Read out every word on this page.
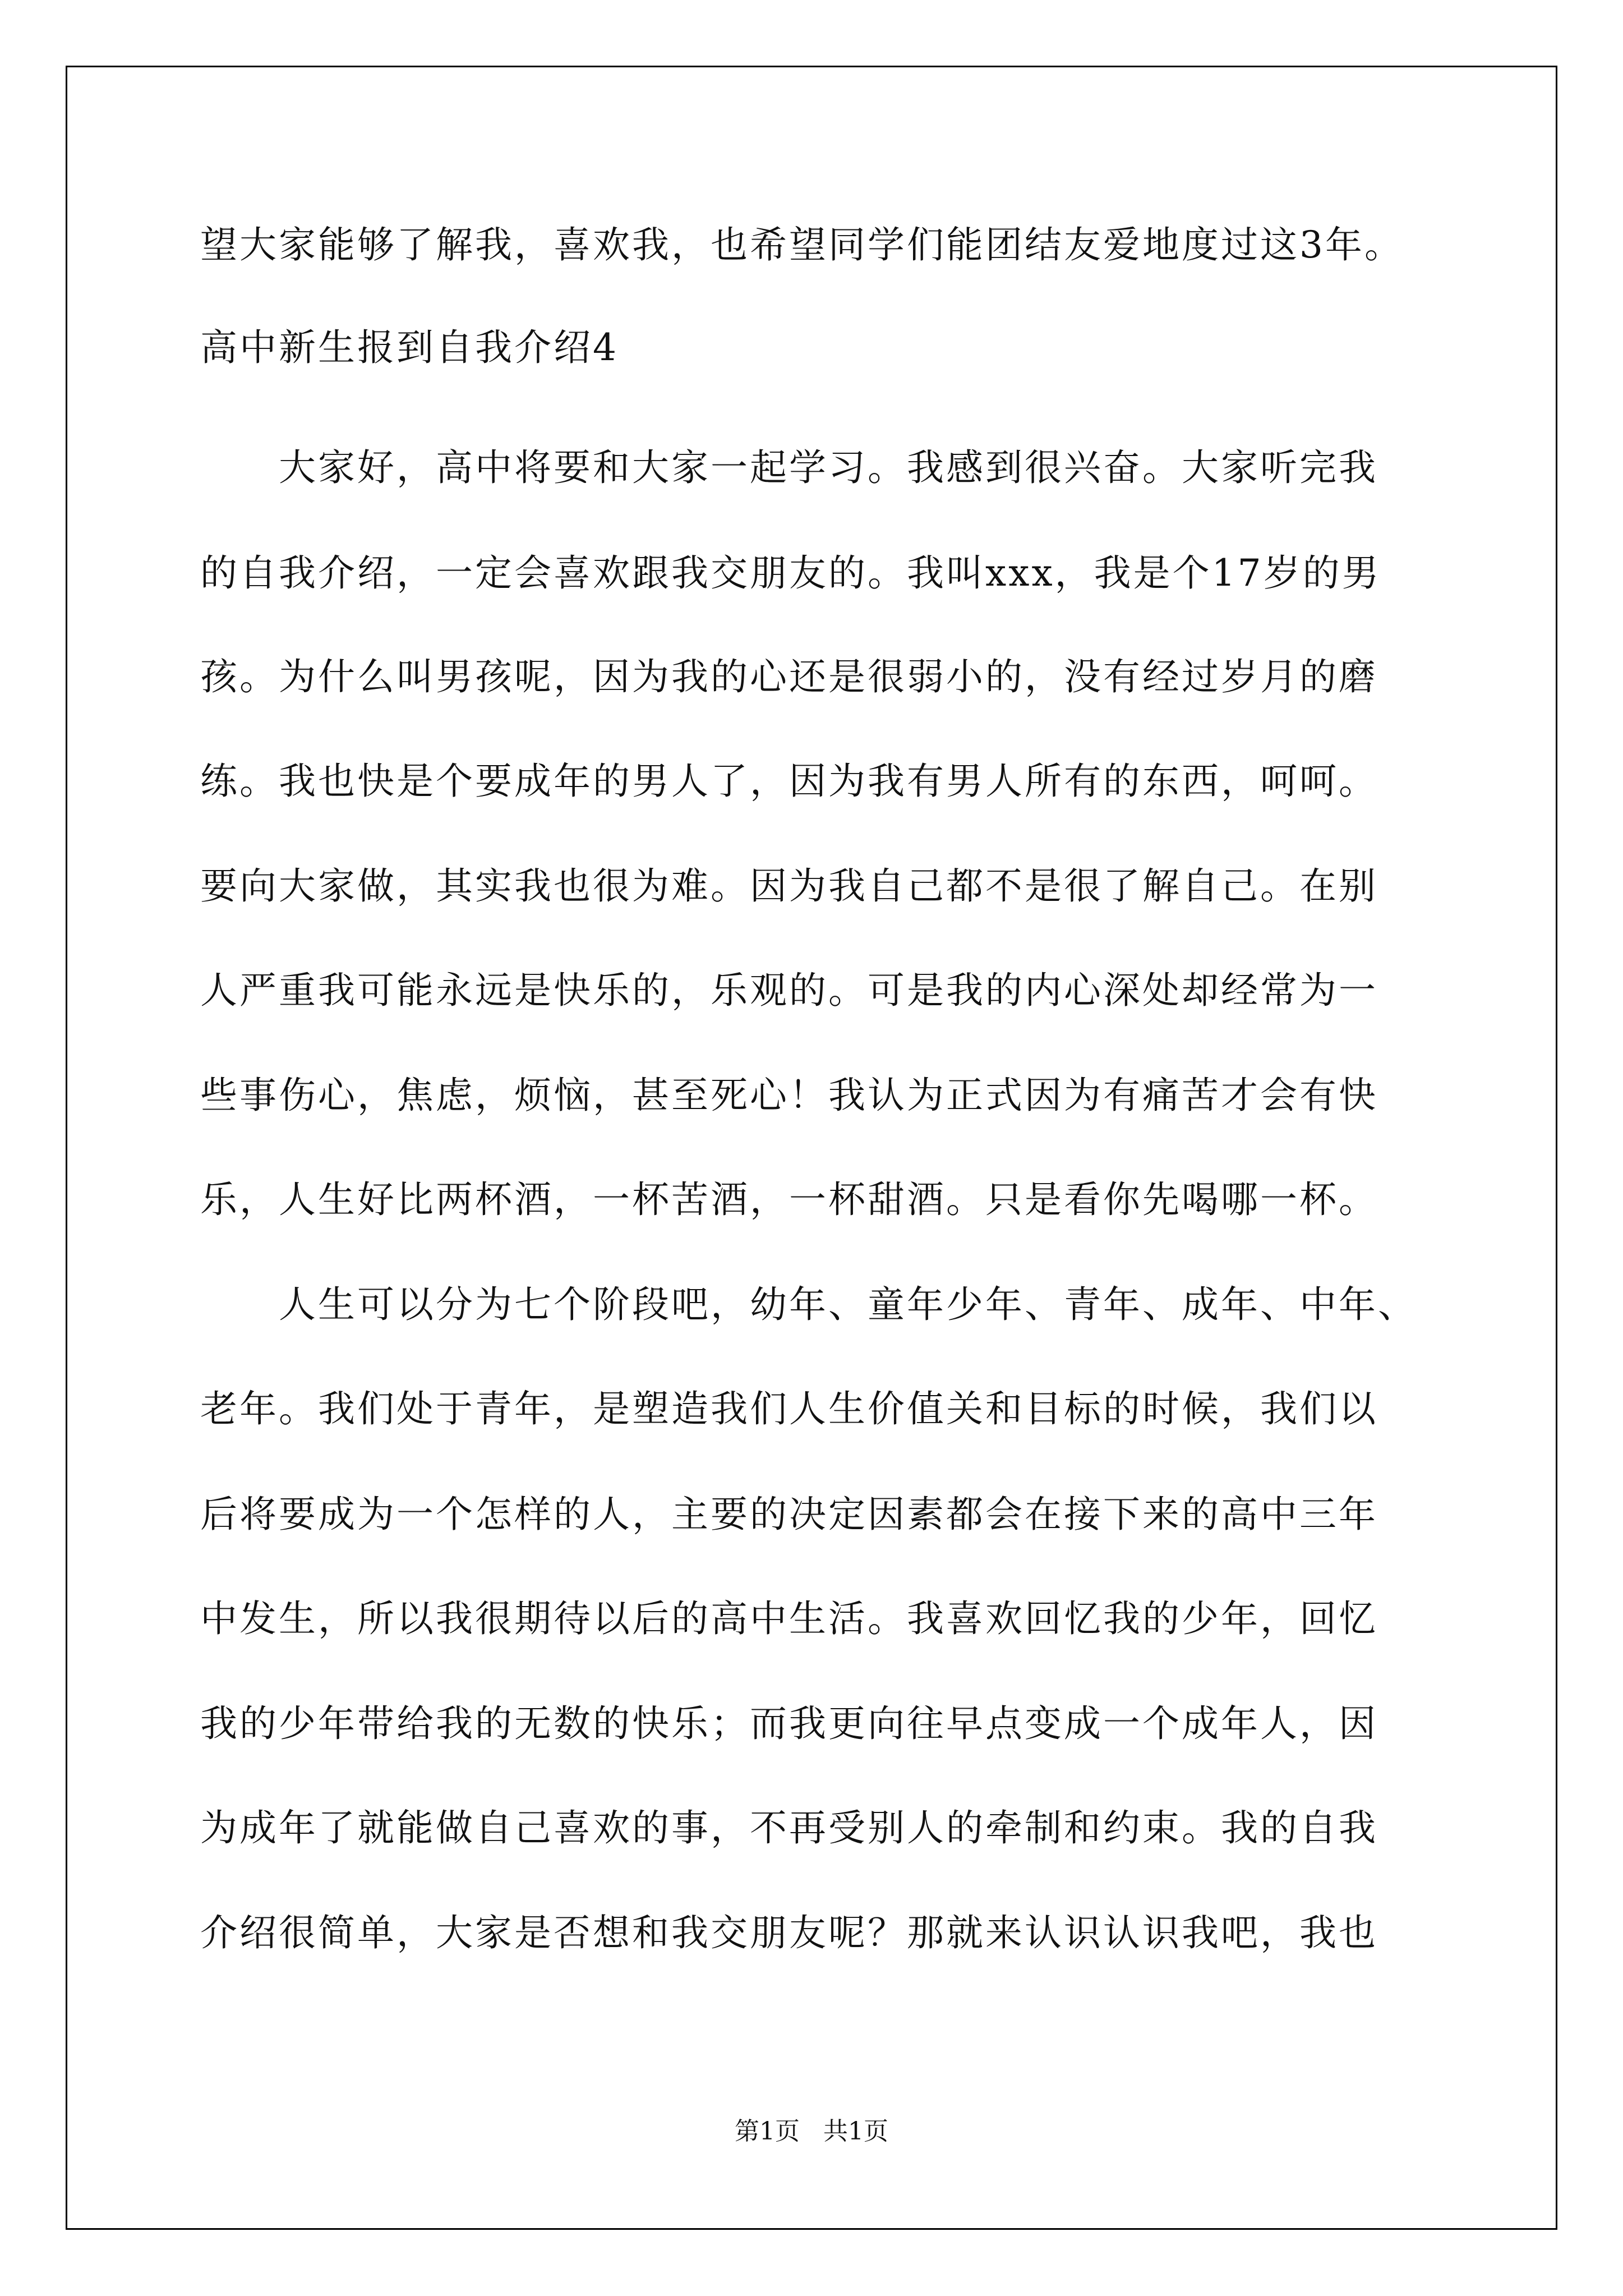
望大家能够了解我，喜欢我，也希望同学们能团结友爱地度过这3年。
高中新生报到自我介绍4
大家好，高中将要和大家一起学习。我感到很兴奋。大家听完我
的自我介绍，一定会喜欢跟我交朋友的。我叫xxx，我是个17岁的男
孩。为什么叫男孩呢，因为我的心还是很弱小的，没有经过岁月的磨
练。我也快是个要成年的男人了，因为我有男人所有的东西，呵呵。
要向大家做，其实我也很为难。因为我自己都不是很了解自己。在别
人严重我可能永远是快乐的，乐观的。可是我的内心深处却经常为一
些事伤心，焦虑，烦恼，甚至死心！我认为正式因为有痛苦才会有快
乐，人生好比两杯酒，一杯苦酒，一杯甜酒。只是看你先喝哪一杯。
人生可以分为七个阶段吧，幼年、童年少年、青年、成年、中年、
老年。我们处于青年，是塑造我们人生价值关和目标的时候，我们以
后将要成为一个怎样的人，主要的决定因素都会在接下来的高中三年
中发生，所以我很期待以后的高中生活。我喜欢回忆我的少年，回忆
我的少年带给我的无数的快乐；而我更向往早点变成一个成年人，因
为成年了就能做自己喜欢的事，不再受别人的牵制和约束。我的自我
介绍很简单，大家是否想和我交朋友呢？那就来认识认识我吧，我也
第1页   共1页
